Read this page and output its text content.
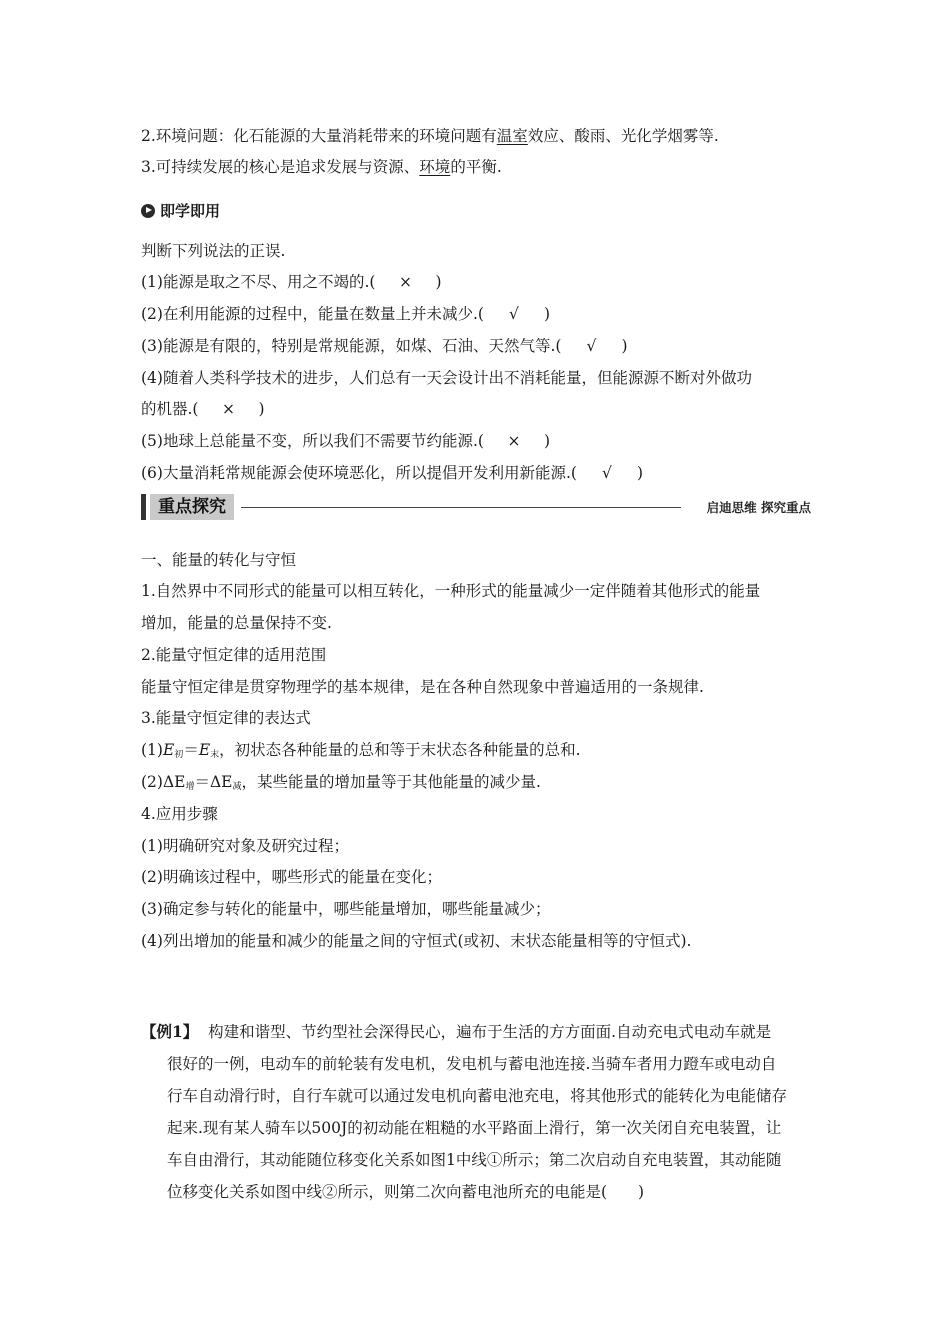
2.环境问题：化石能源的大量消耗带来的环境问题有温室效应、酸雨、光化学烟雾等.
3.可持续发展的核心是追求发展与资源、环境的平衡.
即学即用
判断下列说法的正误.
(1)能源是取之不尽、用之不竭的.( × )
(2)在利用能源的过程中，能量在数量上并未减少.( √ )
(3)能源是有限的，特别是常规能源，如煤、石油、天然气等.( √ )
(4)随着人类科学技术的进步，人们总有一天会设计出不消耗能量，但能源源不断对外做功
的机器.( × )
(5)地球上总能量不变，所以我们不需要节约能源.( × )
(6)大量消耗常规能源会使环境恶化，所以提倡开发利用新能源.( √ )
重点探究	启迪思维 探究重点
一、能量的转化与守恒
1.自然界中不同形式的能量可以相互转化，一种形式的能量减少一定伴随着其他形式的能量
增加，能量的总量保持不变.
2.能量守恒定律的适用范围
能量守恒定律是贯穿物理学的基本规律，是在各种自然现象中普遍适用的一条规律.
3.能量守恒定律的表达式
$(1)E_初=E_末$，初状态各种能量的总和等于末状态各种能量的总和.
$(2)\Delta E_增=\Delta E_减$，某些能量的增加量等于其他能量的减少量.
4.应用步骤
(1)明确研究对象及研究过程；
(2)明确该过程中，哪些形式的能量在变化；
(3)确定参与转化的能量中，哪些能量增加，哪些能量减少；
(4)列出增加的能量和减少的能量之间的守恒式(或初、末状态能量相等的守恒式).
【例1】 构建和谐型、节约型社会深得民心，遍布于生活的方方面面.自动充电式电动车就是
很好的一例，电动车的前轮装有发电机，发电机与蓄电池连接.当骑车者用力蹬车或电动自
行车自动滑行时，自行车就可以通过发电机向蓄电池充电，将其他形式的能转化为电能储存
起来.现有某人骑车以500J的初动能在粗糙的水平路面上滑行，第一次关闭自充电装置，让
车自由滑行，其动能随位移变化关系如图1中线①所示；第二次启动自充电装置，其动能随
位移变化关系如图中线②所示，则第二次向蓄电池所充的电能是(　　)
